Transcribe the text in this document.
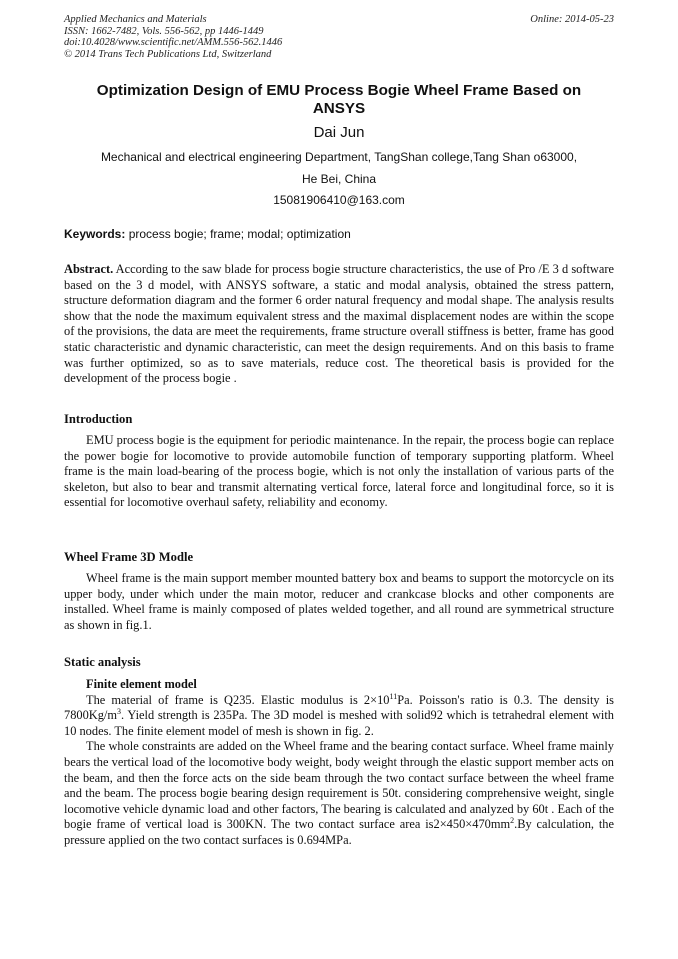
Applied Mechanics and Materials
ISSN: 1662-7482, Vols. 556-562, pp 1446-1449
doi:10.4028/www.scientific.net/AMM.556-562.1446
© 2014 Trans Tech Publications Ltd, Switzerland
Online: 2014-05-23
Optimization Design of EMU Process Bogie Wheel Frame Based on ANSYS
Dai Jun
Mechanical and electrical engineering Department, TangShan college,Tang Shan o63000,
He Bei, China
15081906410@163.com
Keywords: process bogie; frame; modal; optimization

Abstract. According to the saw blade for process bogie structure characteristics, the use of Pro /E 3 d software based on the 3 d model, with ANSYS software, a static and modal analysis, obtained the stress pattern, structure deformation diagram and the former 6 order natural frequency and modal shape. The analysis results show that the node the maximum equivalent stress and the maximal displacement nodes are within the scope of the provisions, the data are meet the requirements, frame structure overall stiffness is better, frame has good static characteristic and dynamic characteristic, can meet the design requirements. And on this basis to frame was further optimized, so as to save materials, reduce cost. The theoretical basis is provided for the development of the process bogie .

Introduction

EMU process bogie is the equipment for periodic maintenance. In the repair, the process bogie can replace the power bogie for locomotive to provide automobile function of temporary supporting platform. Wheel frame is the main load-bearing of the process bogie, which is not only the installation of various parts of the skeleton, but also to bear and transmit alternating vertical force, lateral force and longitudinal force, so it is essential for locomotive overhaul safety, reliability and economy.

Wheel Frame 3D Modle

Wheel frame is the main support member mounted battery box and beams to support the motorcycle on its upper body, under which under the main motor, reducer and crankcase blocks and other components are installed. Wheel frame is mainly composed of plates welded together, and all round are symmetrical structure as shown in fig.1.

Static analysis
Finite element model

The material of frame is Q235. Elastic modulus is $2\times 10^{11}Pa$. Poisson's ratio is 0.3. The density is $7800Kg/m^3$. Yield strength is 235Pa. The 3D model is meshed with solid92 which is tetrahedral element with 10 nodes. The finite element model of mesh is shown in fig. 2.

The whole constraints are added on the Wheel frame and the bearing contact surface. Wheel frame mainly bears the vertical load of the locomotive body weight, body weight through the elastic support member acts on the beam, and then the force acts on the side beam through the two contact surface between the wheel frame and the beam. The process bogie bearing design requirement is 50t. considering comprehensive weight, single locomotive vehicle dynamic load and other factors, The bearing is calculated and analyzed by 60t . Each of the bogie frame of vertical load is 300KN. The two contact surface area $is2\times 450\times 470mm^2.By$ calculation, the pressure applied on the two contact surfaces is 0.694MPa.
